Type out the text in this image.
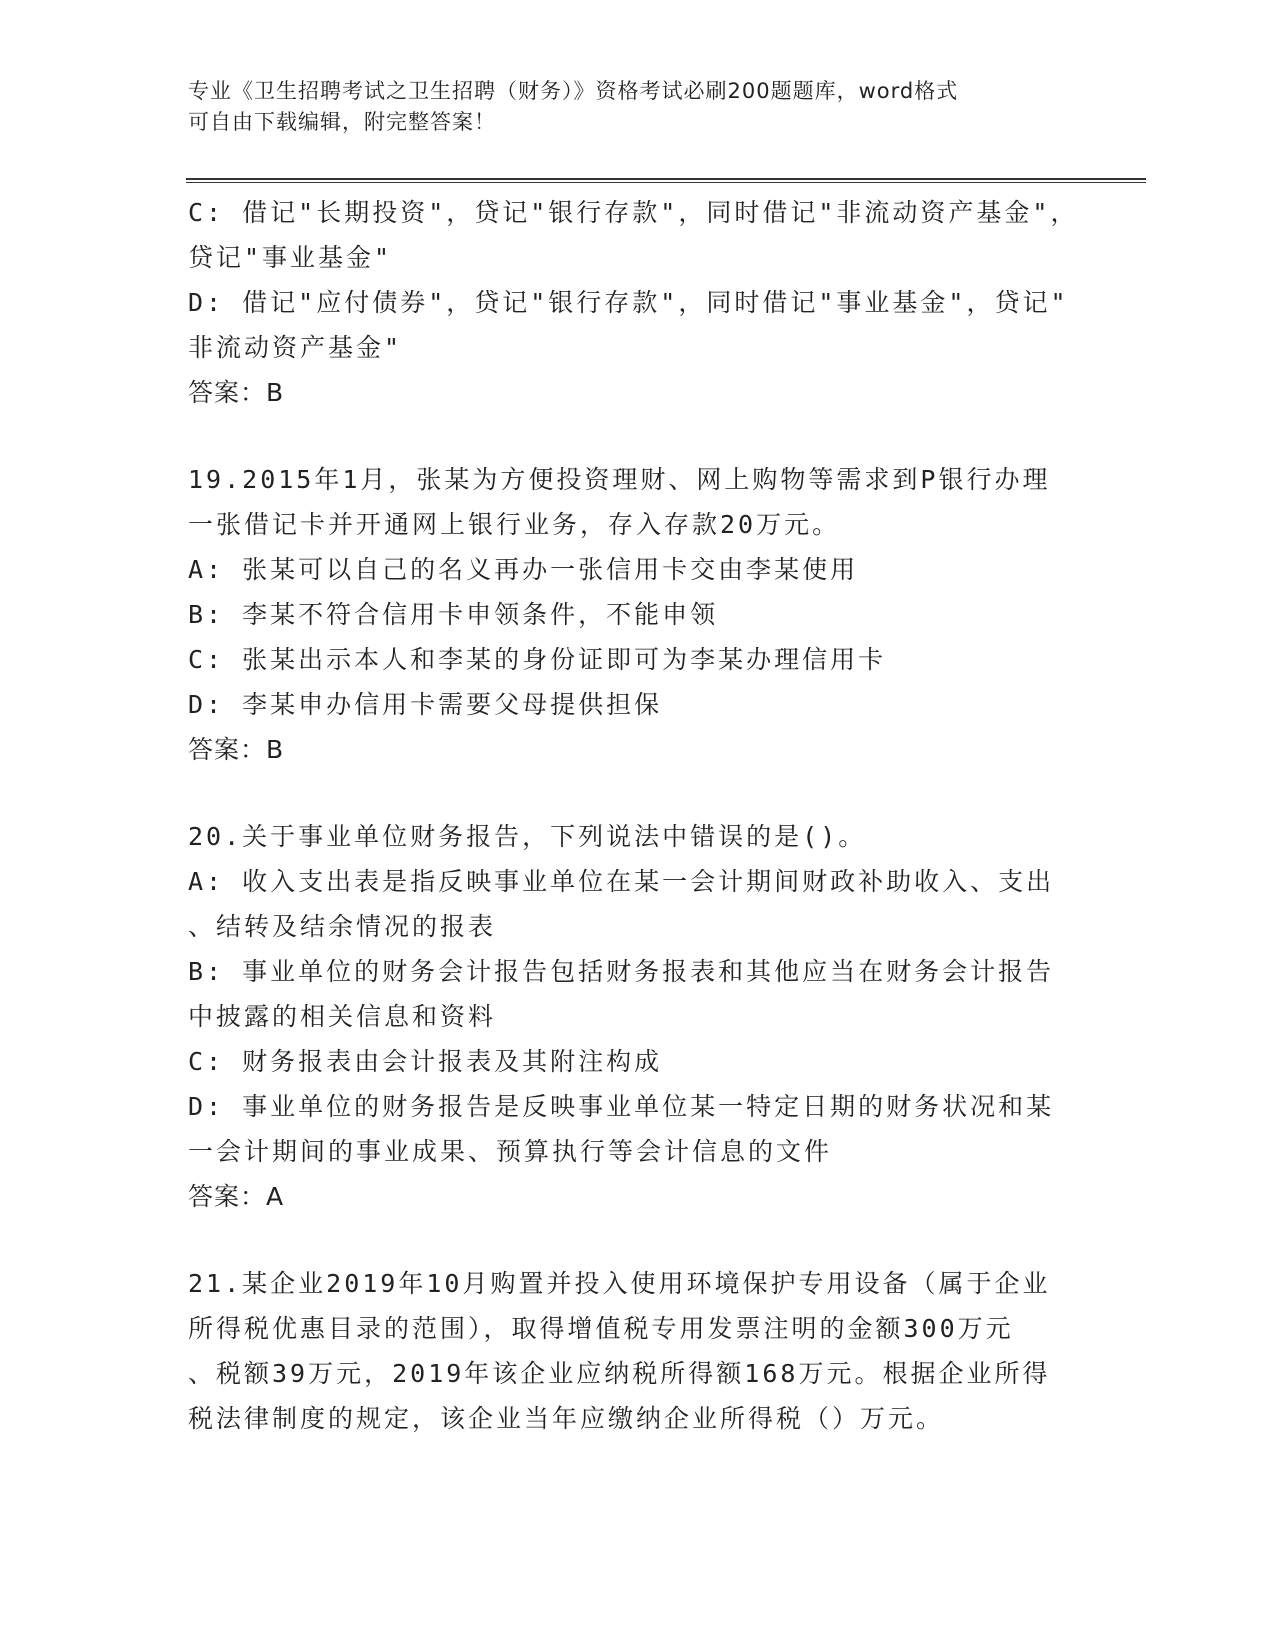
专业《卫生招聘考试之卫生招聘（财务）》资格考试必刷200题题库，word格式
可自由下载编辑，附完整答案！
C: 借记"长期投资"，贷记"银行存款"，同时借记"非流动资产基金"，
贷记"事业基金"
D: 借记"应付债券"，贷记"银行存款"，同时借记"事业基金"，贷记"
非流动资产基金"
答案：B
19.2015年1月，张某为方便投资理财、网上购物等需求到P银行办理
一张借记卡并开通网上银行业务，存入存款20万元。
A: 张某可以自己的名义再办一张信用卡交由李某使用
B: 李某不符合信用卡申领条件，不能申领
C: 张某出示本人和李某的身份证即可为李某办理信用卡
D: 李某申办信用卡需要父母提供担保
答案：B
20.关于事业单位财务报告，下列说法中错误的是()。
A: 收入支出表是指反映事业单位在某一会计期间财政补助收入、支出
、结转及结余情况的报表
B: 事业单位的财务会计报告包括财务报表和其他应当在财务会计报告
中披露的相关信息和资料
C: 财务报表由会计报表及其附注构成
D: 事业单位的财务报告是反映事业单位某一特定日期的财务状况和某
一会计期间的事业成果、预算执行等会计信息的文件
答案：A
21.某企业2019年10月购置并投入使用环境保护专用设备（属于企业
所得税优惠目录的范围），取得增值税专用发票注明的金额300万元
、税额39万元，2019年该企业应纳税所得额168万元。根据企业所得
税法律制度的规定，该企业当年应缴纳企业所得税（）万元。
